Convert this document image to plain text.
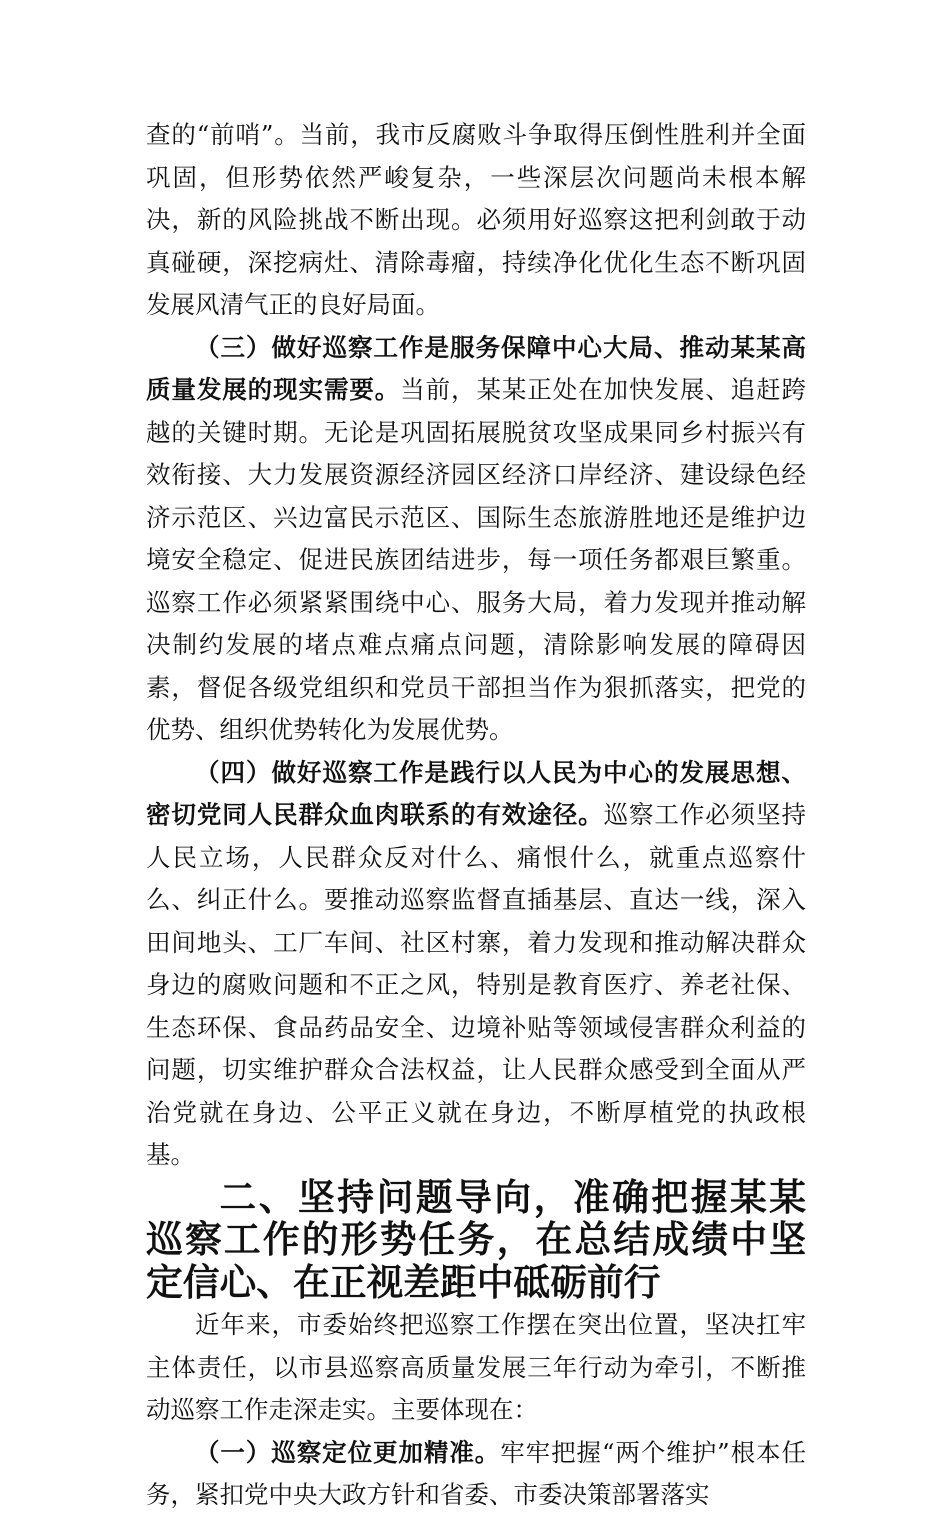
查的“前哨”。当前，我市反腐败斗争取得压倒性胜利并全面巩固，但形势依然严峻复杂，一些深层次问题尚未根本解决，新的风险挑战不断出现。必须用好巡察这把利剑敢于动真碰硬，深挖病灶、清除毒瘤，持续净化优化生态不断巩固发展风清气正的良好局面。

（三）做好巡察工作是服务保障中心大局、推动某某高质量发展的现实需要。当前，某某正处在加快发展、追赶跨越的关键时期。无论是巩固拓展脱贫攻坚成果同乡村振兴有效衔接、大力发展资源经济园区经济口岸经济、建设绿色经济示范区、兴边富民示范区、国际生态旅游胜地还是维护边境安全稳定、促进民族团结进步，每一项任务都艰巨繁重。巡察工作必须紧紧围绕中心、服务大局，着力发现并推动解决制约发展的堵点难点痛点问题，清除影响发展的障碍因素，督促各级党组织和党员干部担当作为狠抓落实，把党的优势、组织优势转化为发展优势。

（四）做好巡察工作是践行以人民为中心的发展思想、密切党同人民群众血肉联系的有效途径。巡察工作必须坚持人民立场，人民群众反对什么、痛恨什么，就重点巡察什么、纠正什么。要推动巡察监督直插基层、直达一线，深入田间地头、工厂车间、社区村寨，着力发现和推动解决群众身边的腐败问题和不正之风，特别是教育医疗、养老社保、生态环保、食品药品安全、边境补贴等领域侵害群众利益的问题，切实维护群众合法权益，让人民群众感受到全面从严治党就在身边、公平正义就在身边，不断厚植党的执政根基。

二、坚持问题导向，准确把握某某巡察工作的形势任务，在总结成绩中坚定信心、在正视差距中砥砺前行

近年来，市委始终把巡察工作摆在突出位置，坚决扛牢主体责任，以市县巡察高质量发展三年行动为牵引，不断推动巡察工作走深走实。主要体现在：

（一）巡察定位更加精准。牢牢把握“两个维护”根本任务，紧扣党中央大政方针和省委、市委决策部署落实
